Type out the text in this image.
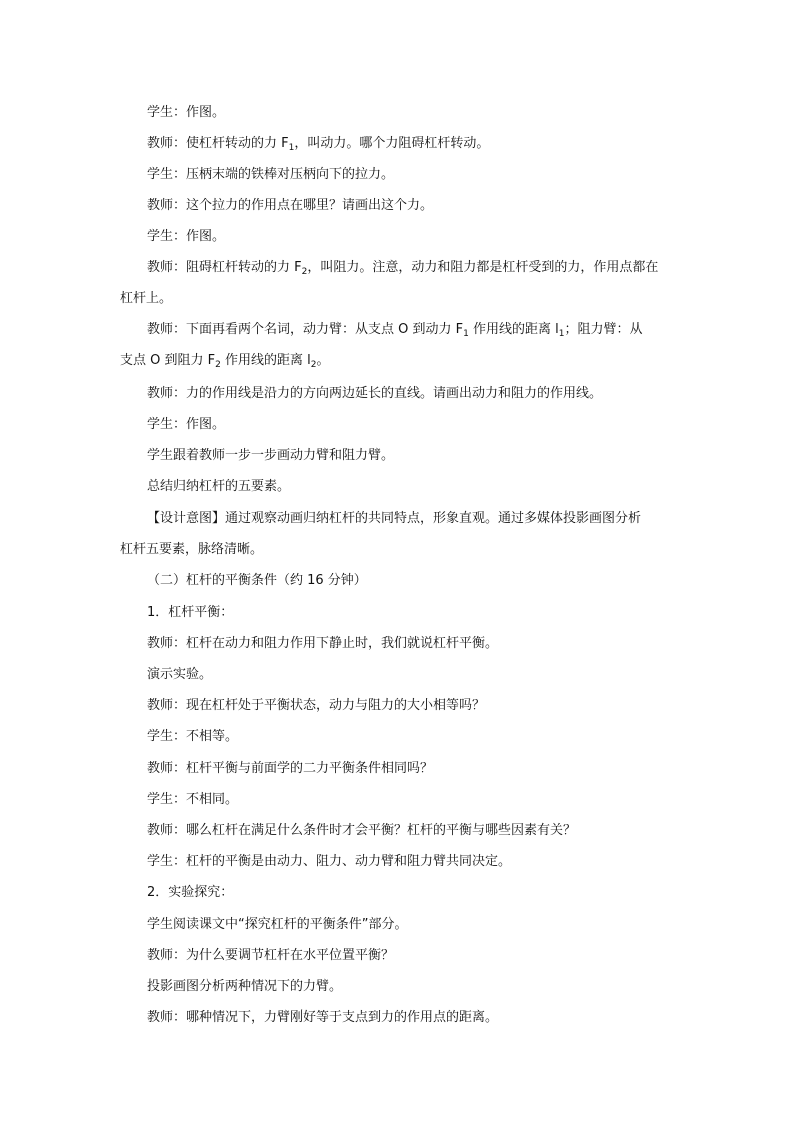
学生：作图。
教师：使杠杆转动的力 $F_1$，叫动力。哪个力阻碍杠杆转动。
学生：压柄末端的铁棒对压柄向下的拉力。
教师：这个拉力的作用点在哪里？请画出这个力。
学生：作图。
教师：阻碍杠杆转动的力 $F_2$，叫阻力。注意，动力和阻力都是杠杆受到的力，作用点都在
杠杆上。
教师：下面再看两个名词，动力臂：从支点 O 到动力 $F_1$ 作用线的距离 $l_1$；阻力臂：从
支点 O 到阻力 $F_2$ 作用线的距离 $l_2$。
教师：力的作用线是沿力的方向两边延长的直线。请画出动力和阻力的作用线。
学生：作图。
学生跟着教师一步一步画动力臂和阻力臂。
总结归纳杠杆的五要素。
【设计意图】通过观察动画归纳杠杆的共同特点，形象直观。通过多媒体投影画图分析
杠杆五要素，脉络清晰。
（二）杠杆的平衡条件（约 16 分钟）
1．杠杆平衡：
教师：杠杆在动力和阻力作用下静止时，我们就说杠杆平衡。
演示实验。
教师：现在杠杆处于平衡状态，动力与阻力的大小相等吗？
学生：不相等。
教师：杠杆平衡与前面学的二力平衡条件相同吗？
学生：不相同。
教师：哪么杠杆在满足什么条件时才会平衡？杠杆的平衡与哪些因素有关？
学生：杠杆的平衡是由动力、阻力、动力臂和阻力臂共同决定。
2．实验探究：
学生阅读课文中“探究杠杆的平衡条件”部分。
教师：为什么要调节杠杆在水平位置平衡？
投影画图分析两种情况下的力臂。
教师：哪种情况下，力臂刚好等于支点到力的作用点的距离。
